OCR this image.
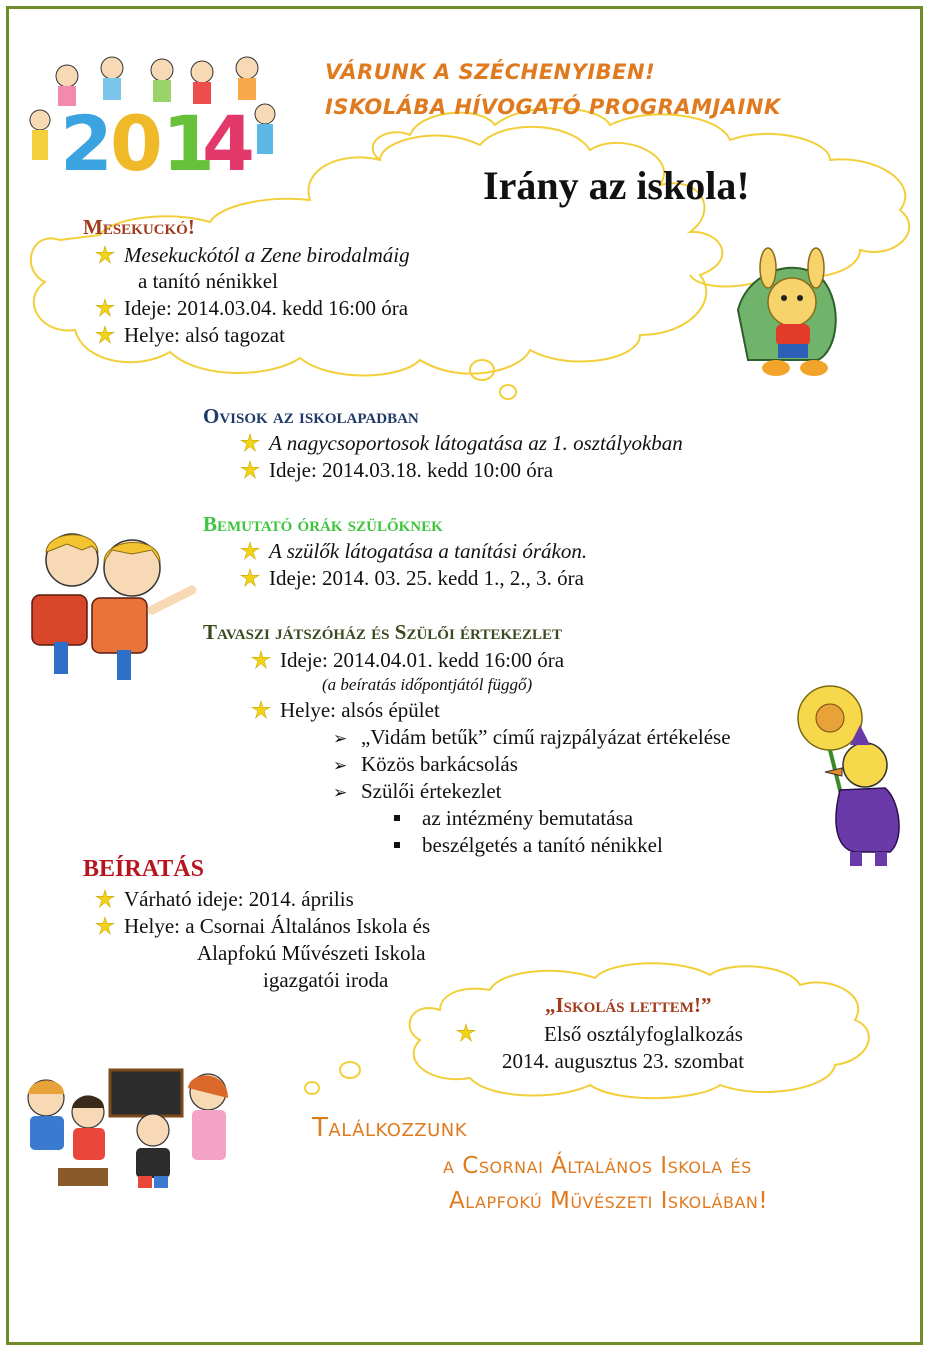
2
0 1
4
VÁRUNK A SZÉCHENYIBEN!
ISKOLÁBA HÍVOGATÓ PROGRAMJAINK
Irány az iskola!
Mesekuckó!
Mesekuckótól a Zene birodalmáig
a tanító nénikkel
Ideje: 2014.03.04. kedd 16:00 óra
Helye: alsó tagozat
Ovisok az iskolapadban
A nagycsoportosok látogatása az 1. osztályokban
Ideje: 2014.03.18. kedd 10:00 óra
Bemutató órák szülőknek
A szülők látogatása a tanítási órákon.
Ideje: 2014. 03. 25. kedd 1., 2., 3. óra
Tavaszi játszóház és Szülői értekezlet
Ideje: 2014.04.01. kedd 16:00 óra
(a beíratás időpontjától függő)
Helye: alsós épület
➢ „Vidám betűk” című rajzpályázat értékelése
➢ Közös barkácsolás
➢ Szülői értekezlet
az intézmény bemutatása
beszélgetés a tanító nénikkel
BEÍRATÁS
Várható ideje: 2014. április
Helye: a Csornai Általános Iskola és
Alapfokú Művészeti Iskola
igazgatói iroda
„Iskolás lettem!”
Első osztályfoglalkozás
2014. augusztus 23. szombat
Találkozzunk
a Csornai Általános Iskola és
Alapfokú Művészeti Iskolában!
